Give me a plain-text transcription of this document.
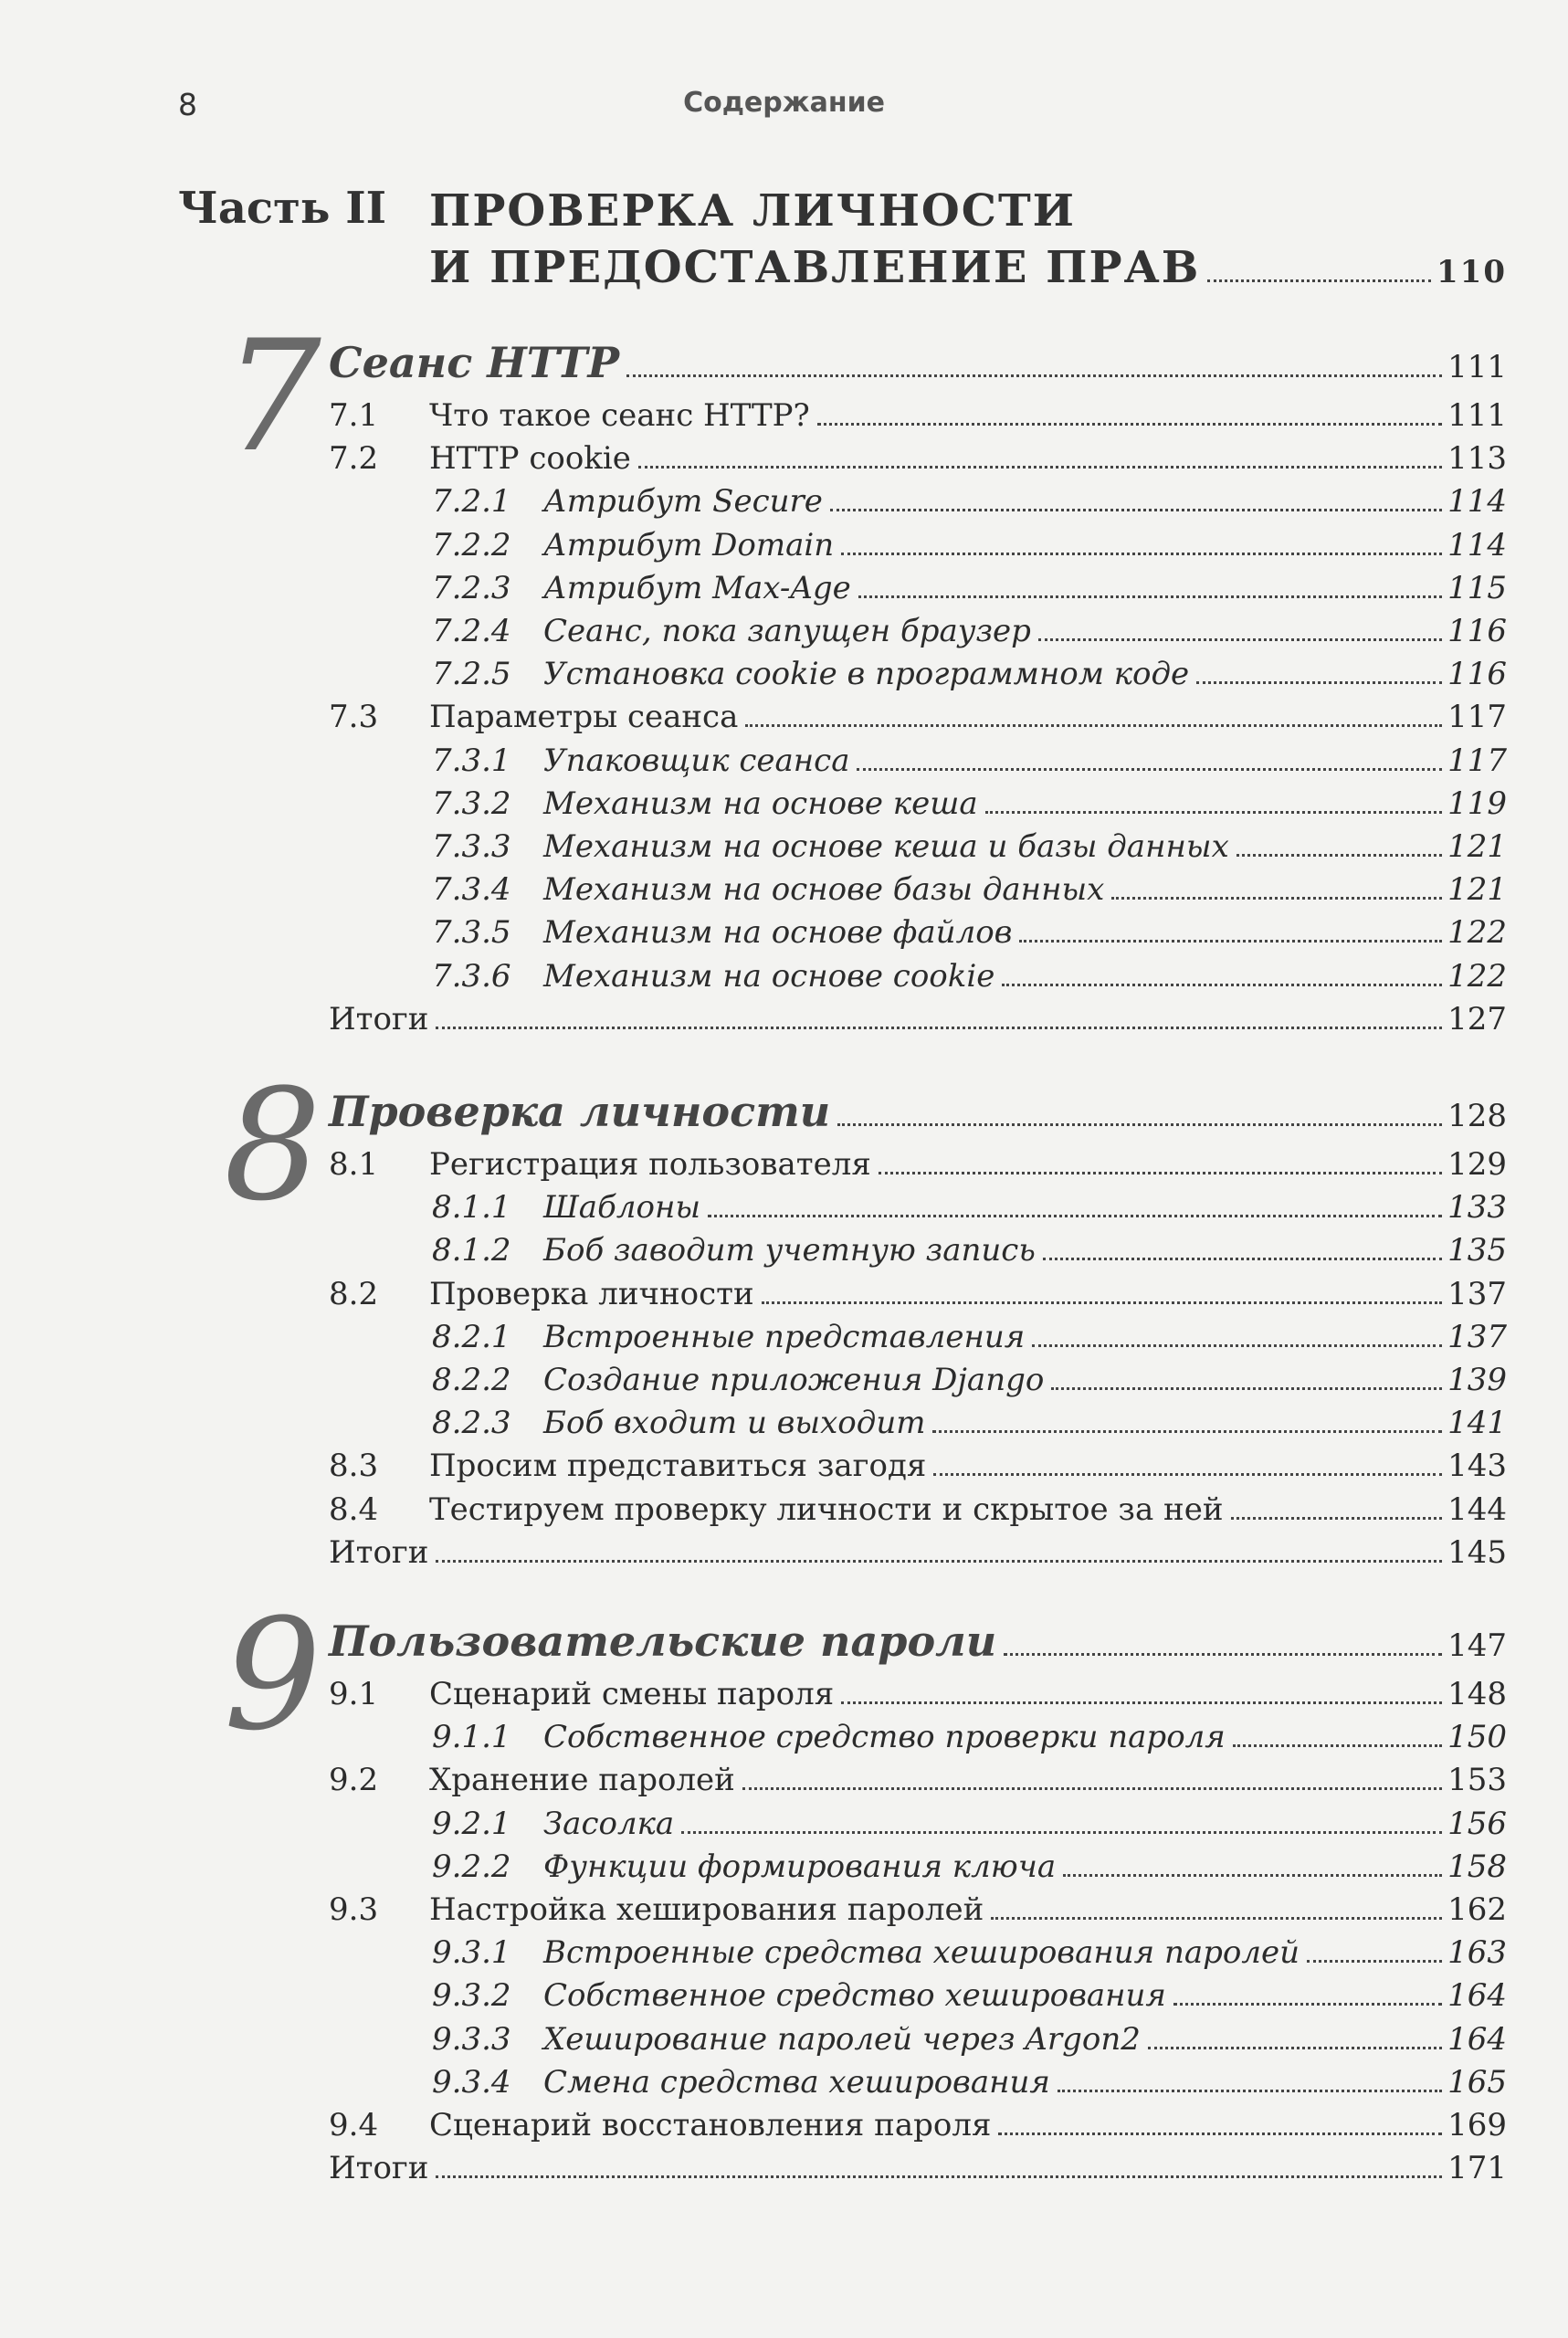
8	Содержание
Часть II ПРОВЕРКА ЛИЧНОСТИ
И ПРЕДОСТАВЛЕНИЕ ПРАВ	110
7 Сеанс HTTP	111
7.1	Что такое сеанс HTTP?	111
7.2	HTTP cookie	113
7.2.1	Атрибут Secure	114
7.2.2	Атрибут Domain	114
7.2.3	Атрибут Max-Age	115
7.2.4	Сеанс, пока запущен браузер	116
7.2.5	Установка cookie в программном коде	116
7.3	Параметры сеанса	117
7.3.1	Упаковщик сеанса	117
7.3.2	Механизм на основе кеша	119
7.3.3	Механизм на основе кеша и базы данных	121
7.3.4	Механизм на основе базы данных	121
7.3.5	Механизм на основе файлов	122
7.3.6	Механизм на основе cookie	122
Итоги	127
8 Проверка личности	128
8.1	Регистрация пользователя	129
8.1.1	Шаблоны	133
8.1.2	Боб заводит учетную запись	135
8.2	Проверка личности	137
8.2.1	Встроенные представления	137
8.2.2	Создание приложения Django	139
8.2.3	Боб входит и выходит	141
8.3	Просим представиться загодя	143
8.4	Тестируем проверку личности и скрытое за ней	144
Итоги	145
9 Пользовательские пароли	147
9.1	Сценарий смены пароля	148
9.1.1	Собственное средство проверки пароля	150
9.2	Хранение паролей	153
9.2.1	Засолка	156
9.2.2	Функции формирования ключа	158
9.3	Настройка хеширования паролей	162
9.3.1	Встроенные средства хеширования паролей	163
9.3.2	Собственное средство хеширования	164
9.3.3	Хеширование паролей через Argon2	164
9.3.4	Смена средства хеширования	165
9.4	Сценарий восстановления пароля	169
Итоги	171
